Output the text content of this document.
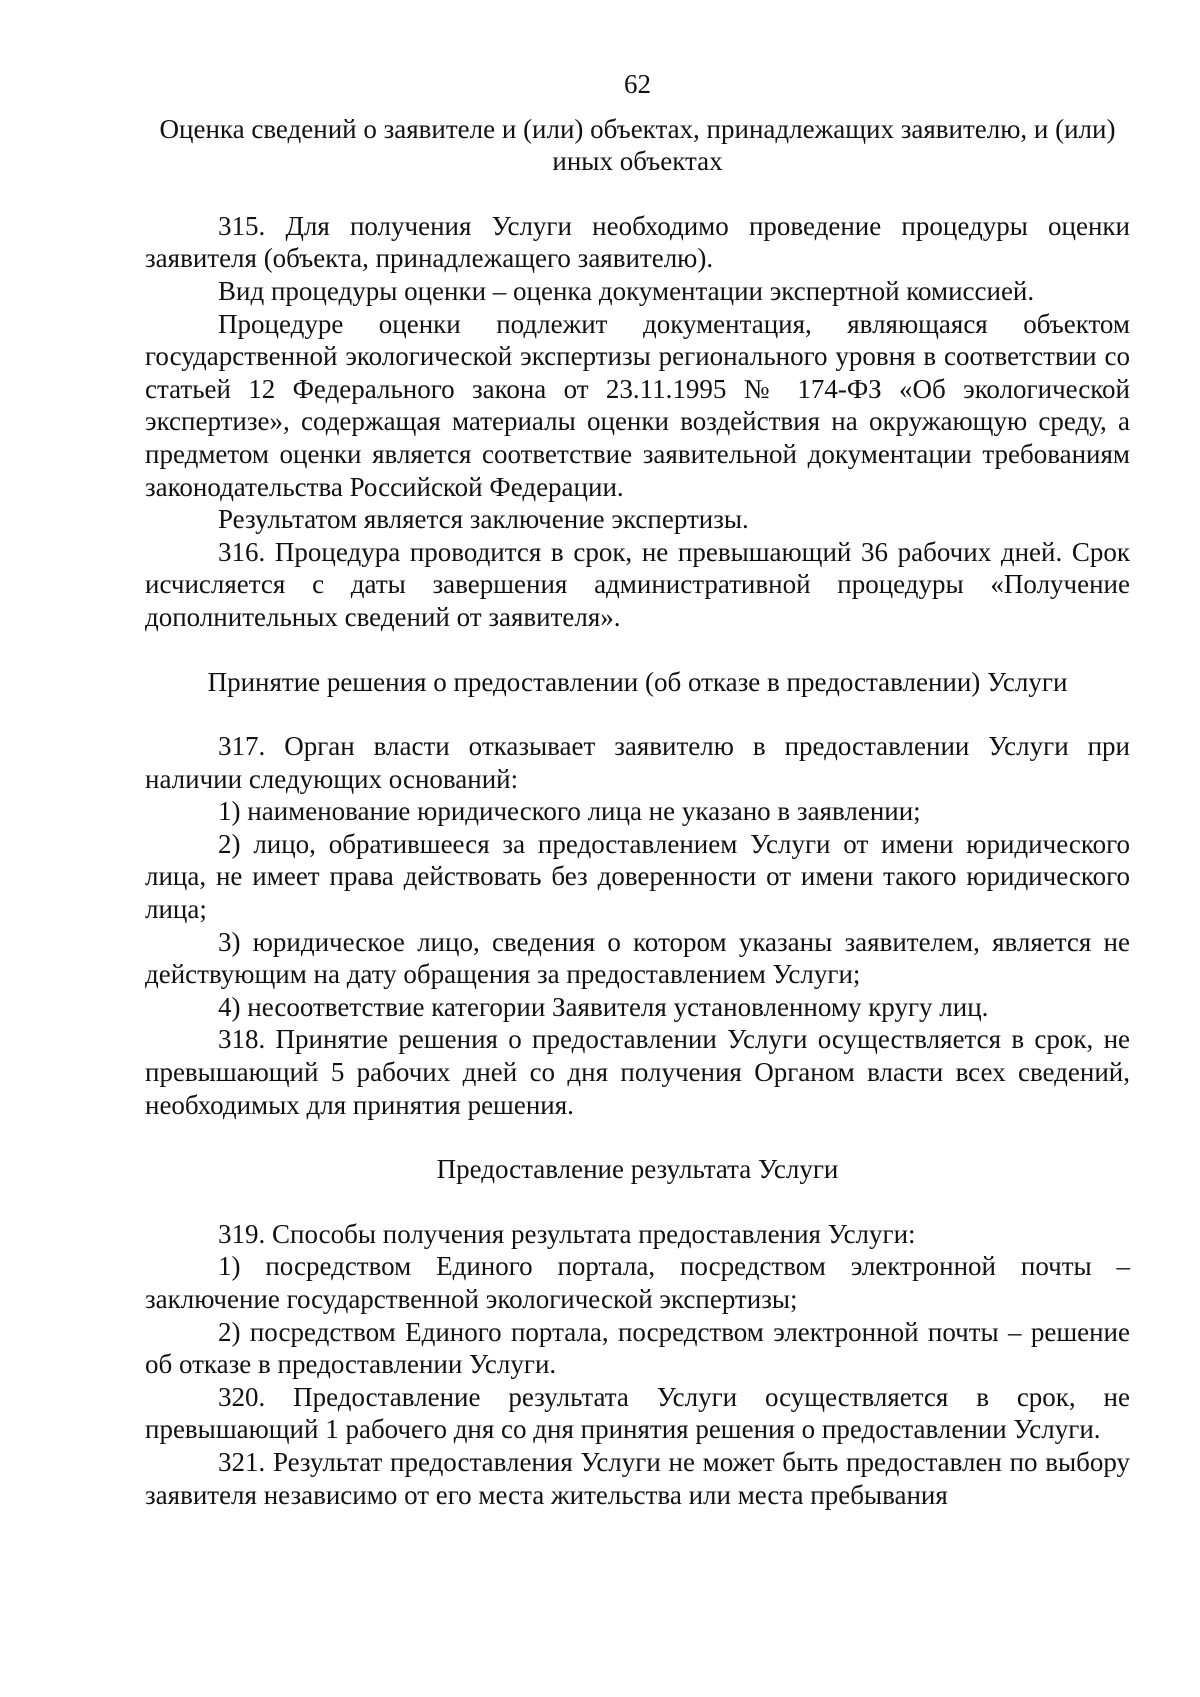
62

Оценка сведений о заявителе и (или) объектах, принадлежащих заявителю, и (или) иных объектах

315. Для получения Услуги необходимо проведение процедуры оценки заявителя (объекта, принадлежащего заявителю).

Вид процедуры оценки – оценка документации экспертной комиссией.

Процедуре оценки подлежит документация, являющаяся объектом государственной экологической экспертизы регионального уровня в соответствии со статьей 12 Федерального закона от 23.11.1995 № 174-ФЗ «Об экологической экспертизе», содержащая материалы оценки воздействия на окружающую среду, а предметом оценки является соответствие заявительной документации требованиям законодательства Российской Федерации.

Результатом является заключение экспертизы.

316. Процедура проводится в срок, не превышающий 36 рабочих дней. Срок исчисляется с даты завершения административной процедуры «Получение дополнительных сведений от заявителя».

Принятие решения о предоставлении (об отказе в предоставлении) Услуги

317. Орган власти отказывает заявителю в предоставлении Услуги при наличии следующих оснований:

1) наименование юридического лица не указано в заявлении;

2) лицо, обратившееся за предоставлением Услуги от имени юридического лица, не имеет права действовать без доверенности от имени такого юридического лица;

3) юридическое лицо, сведения о котором указаны заявителем, является не действующим на дату обращения за предоставлением Услуги;

4) несоответствие категории Заявителя установленному кругу лиц.

318. Принятие решения о предоставлении Услуги осуществляется в срок, не превышающий 5 рабочих дней со дня получения Органом власти всех сведений, необходимых для принятия решения.

Предоставление результата Услуги

319. Способы получения результата предоставления Услуги:

1) посредством Единого портала, посредством электронной почты – заключение государственной экологической экспертизы;

2) посредством Единого портала, посредством электронной почты – решение об отказе в предоставлении Услуги.

320. Предоставление результата Услуги осуществляется в срок, не превышающий 1 рабочего дня со дня принятия решения о предоставлении Услуги.

321. Результат предоставления Услуги не может быть предоставлен по выбору заявителя независимо от его места жительства или места пребывания
